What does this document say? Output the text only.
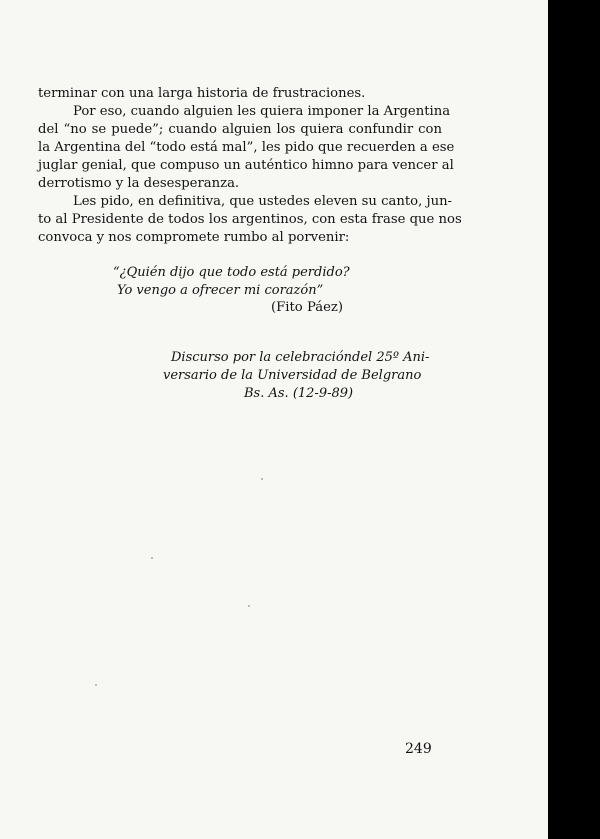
terminar con una larga historia de frustraciones.
Por eso, cuando alguien les quiera imponer la Argentina
del “no se puede”; cuando alguien los quiera confundir con
la Argentina del “todo está mal”, les pido que recuerden a ese
juglar genial, que compuso un auténtico himno para vencer al
derrotismo y la desesperanza.
Les pido, en definitiva, que ustedes eleven su canto, jun-
to al Presidente de todos los argentinos, con esta frase que nos
convoca y nos compromete rumbo al porvenir:
“¿Quién dijo que todo está perdido?
Yo vengo a ofrecer mi corazón”
(Fito Páez)
Discurso por la celebracióndel 25º Ani-
versario de la Universidad de Belgrano
Bs. As. (12-9-89)
249
